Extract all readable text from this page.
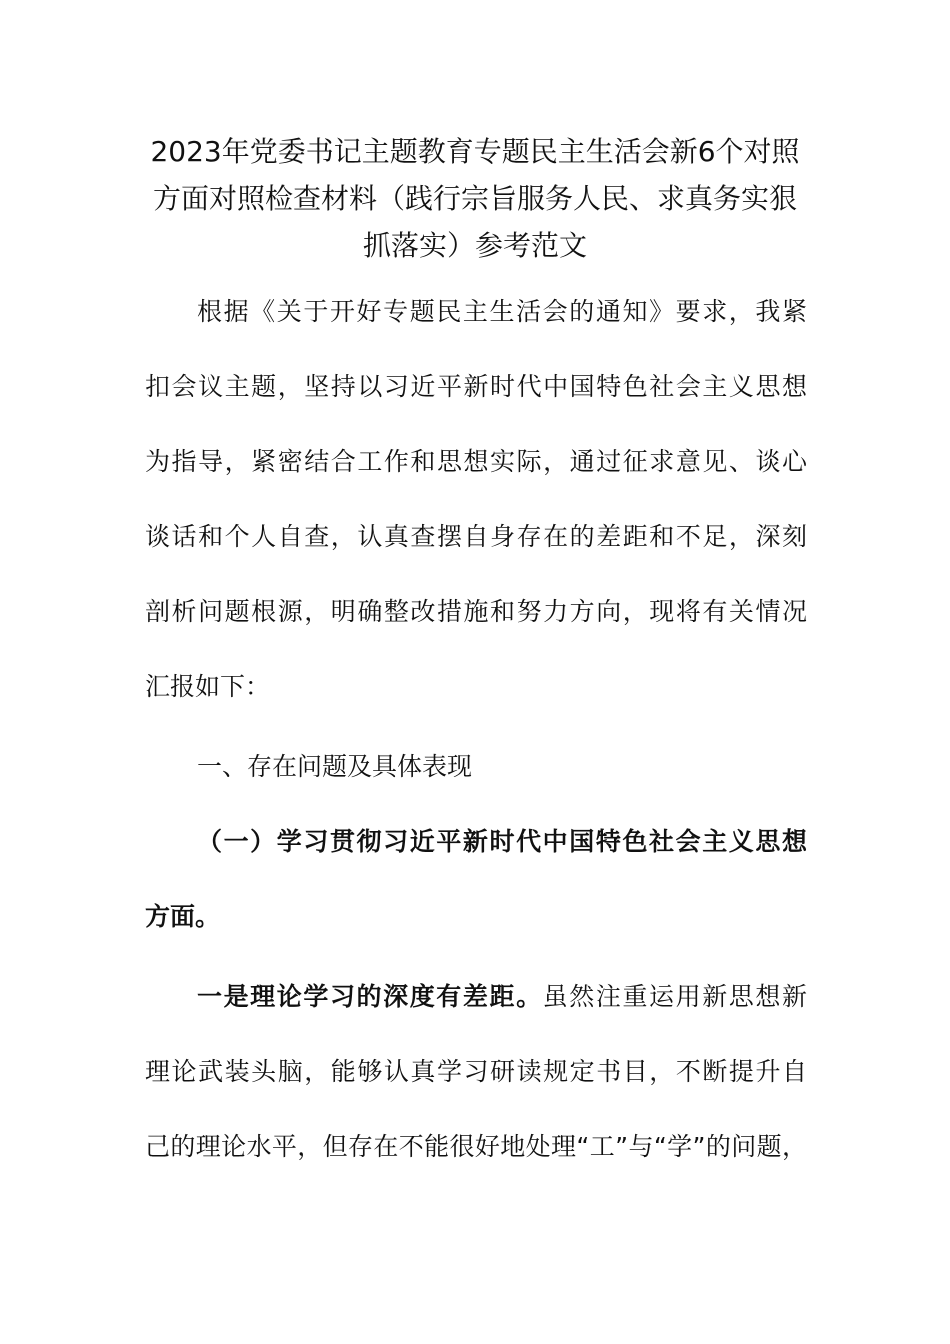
2023年党委书记主题教育专题民主生活会新6个对照方面对照检查材料（践行宗旨服务人民、求真务实狠抓落实）参考范文
根据《关于开好专题民主生活会的通知》要求，我紧
扣会议主题，坚持以习近平新时代中国特色社会主义思想
为指导，紧密结合工作和思想实际，通过征求意见、谈心
谈话和个人自查，认真查摆自身存在的差距和不足，深刻
剖析问题根源，明确整改措施和努力方向，现将有关情况
汇报如下：
一、存在问题及具体表现
（一）学习贯彻习近平新时代中国特色社会主义思想
方面。
一是理论学习的深度有差距。虽然注重运用新思想新
理论武装头脑，能够认真学习研读规定书目，不断提升自
己的理论水平，但存在不能很好地处理“工”与“学”的问题，
